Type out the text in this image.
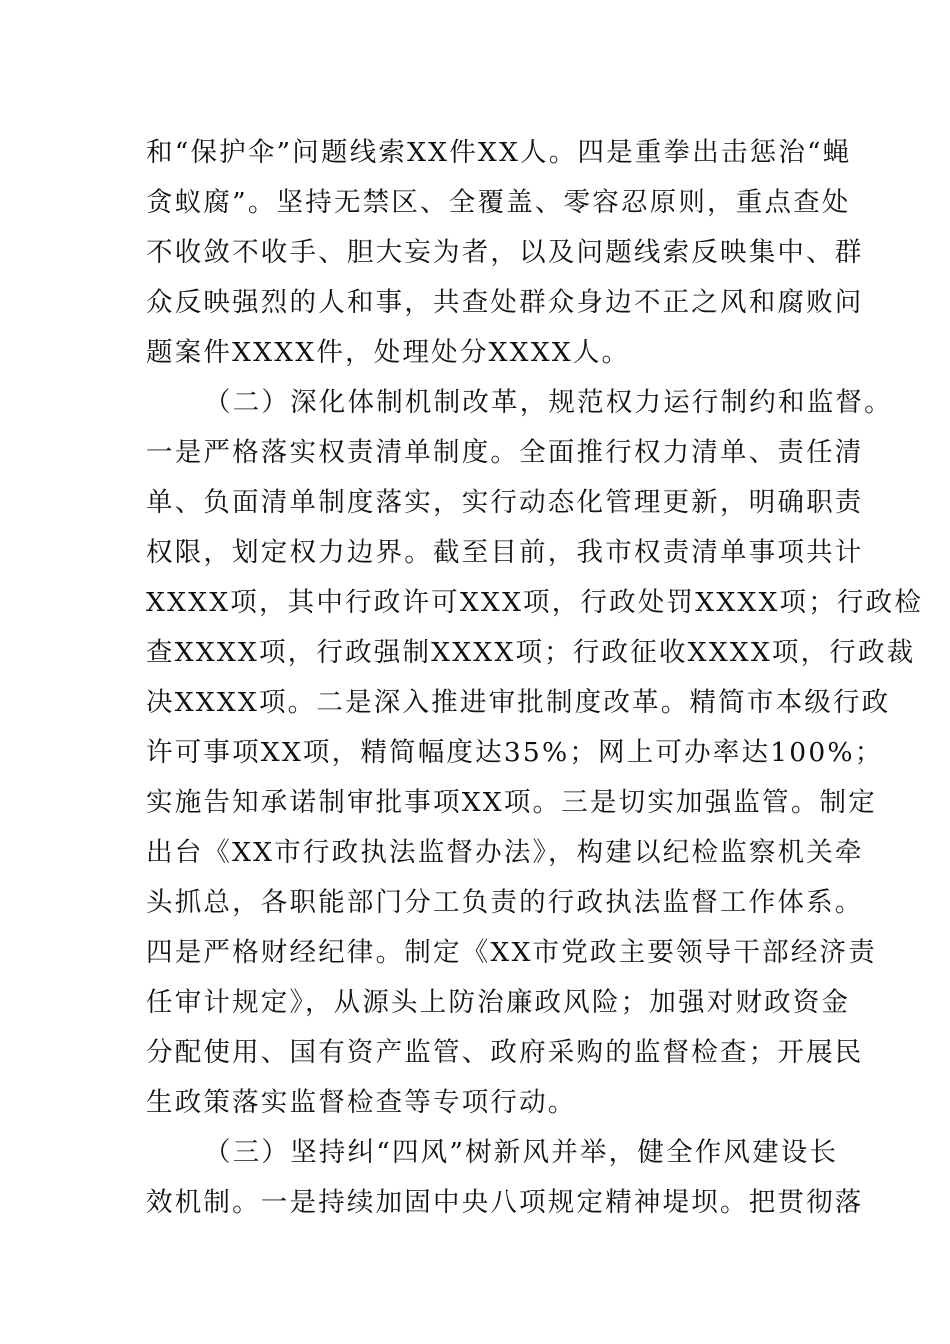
和“保护伞”问题线索XX件XX人。四是重拳出击惩治“蝇
贪蚁腐”。坚持无禁区、全覆盖、零容忍原则，重点查处
不收敛不收手、胆大妄为者，以及问题线索反映集中、群
众反映强烈的人和事，共查处群众身边不正之风和腐败问
题案件XXXX件，处理处分XXXX人。
（二）深化体制机制改革，规范权力运行制约和监督。
一是严格落实权责清单制度。全面推行权力清单、责任清
单、负面清单制度落实，实行动态化管理更新，明确职责
权限，划定权力边界。截至目前，我市权责清单事项共计
XXXX项，其中行政许可XXX项，行政处罚XXXX项；行政检
查XXXX项，行政强制XXXX项；行政征收XXXX项，行政裁
决XXXX项。二是深入推进审批制度改革。精简市本级行政
许可事项XX项，精简幅度达35%；网上可办率达100%；
实施告知承诺制审批事项XX项。三是切实加强监管。制定
出台《XX市行政执法监督办法》，构建以纪检监察机关牵
头抓总，各职能部门分工负责的行政执法监督工作体系。
四是严格财经纪律。制定《XX市党政主要领导干部经济责
任审计规定》，从源头上防治廉政风险；加强对财政资金
分配使用、国有资产监管、政府采购的监督检查；开展民
生政策落实监督检查等专项行动。
（三）坚持纠“四风”树新风并举，健全作风建设长
效机制。一是持续加固中央八项规定精神堤坝。把贯彻落
